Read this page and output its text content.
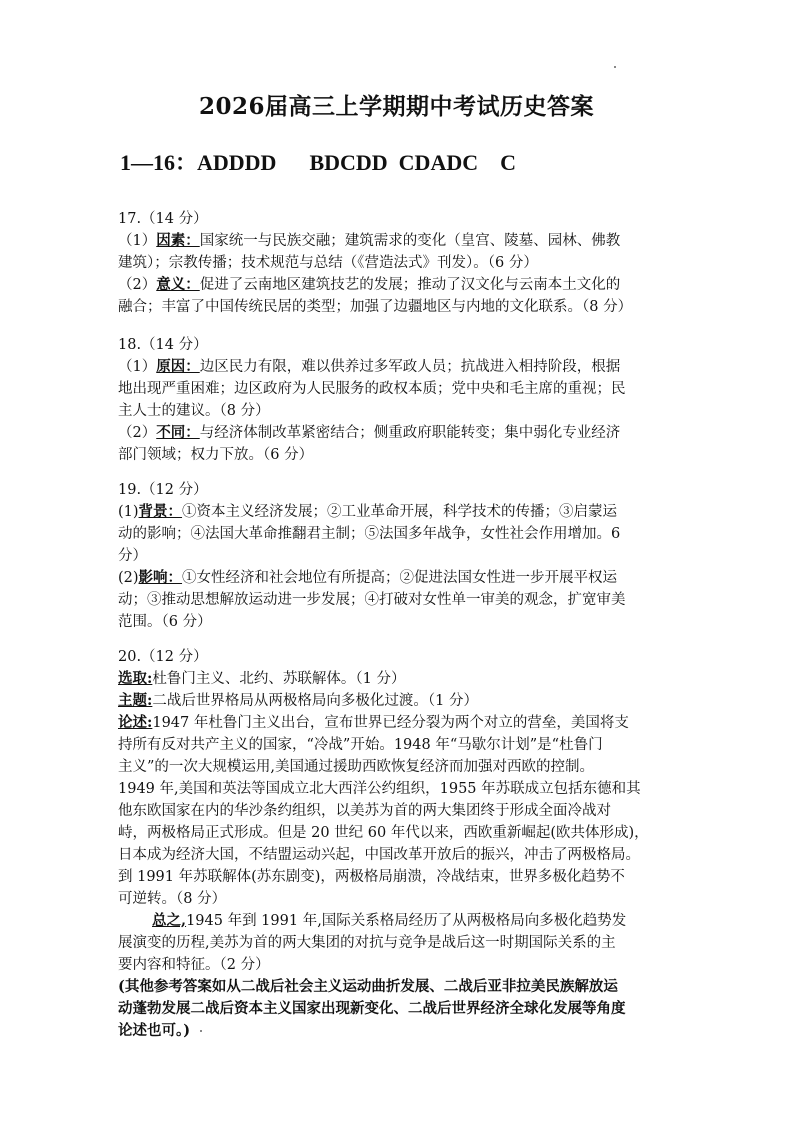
2026届高三上学期期中考试历史答案
1—16：ADDDD      BDCDD  CDADC    C
17.（14 分）
（1）因素：国家统一与民族交融；建筑需求的变化（皇宫、陵墓、园林、佛教
建筑）；宗教传播；技术规范与总结（《营造法式》刊发）。（6 分）
（2）意义：促进了云南地区建筑技艺的发展；推动了汉文化与云南本土文化的
融合；丰富了中国传统民居的类型；加强了边疆地区与内地的文化联系。（8 分）
18.（14 分）
（1）原因：边区民力有限，难以供养过多军政人员；抗战进入相持阶段，根据
地出现严重困难；边区政府为人民服务的政权本质；党中央和毛主席的重视；民
主人士的建议。（8 分）
（2）不同：与经济体制改革紧密结合；侧重政府职能转变；集中弱化专业经济
部门领域；权力下放。（6 分）
19.（12 分）
(1)背景：①资本主义经济发展；②工业革命开展，科学技术的传播；③启蒙运
动的影响；④法国大革命推翻君主制；⑤法国多年战争，女性社会作用增加。6
分）
(2)影响：①女性经济和社会地位有所提高；②促进法国女性进一步开展平权运
动；③推动思想解放运动进一步发展；④打破对女性单一审美的观念，扩宽审美
范围。（6 分）
20.（12 分）
选取:杜鲁门主义、北约、苏联解体。（1 分）
主题:二战后世界格局从两极格局向多极化过渡。（1 分）
论述:1947 年杜鲁门主义出台，宣布世界已经分裂为两个对立的营垒，美国将支
持所有反对共产主义的国家，“冷战”开始。1948 年“马歇尔计划”是“杜鲁门
主义”的一次大规模运用,美国通过援助西欧恢复经济而加强对西欧的控制。
1949 年,美国和英法等国成立北大西洋公约组织，1955 年苏联成立包括东德和其
他东欧国家在内的华沙条约组织，以美苏为首的两大集团终于形成全面冷战对
峙，两极格局正式形成。但是 20 世纪 60 年代以来，西欧重新崛起(欧共体形成)，
日本成为经济大国，不结盟运动兴起，中国改革开放后的振兴，冲击了两极格局。
到 1991 年苏联解体(苏东剧变)，两极格局崩溃，冷战结束，世界多极化趋势不
可逆转。（8 分）
总之,1945 年到 1991 年,国际关系格局经历了从两极格局向多极化趋势发
展演变的历程,美苏为首的两大集团的对抗与竞争是战后这一时期国际关系的主
要内容和特征。（2 分）
(其他参考答案如从二战后社会主义运动曲折发展、二战后亚非拉美民族解放运
动蓬勃发展二战后资本主义国家出现新变化、二战后世界经济全球化发展等角度
论述也可。)
